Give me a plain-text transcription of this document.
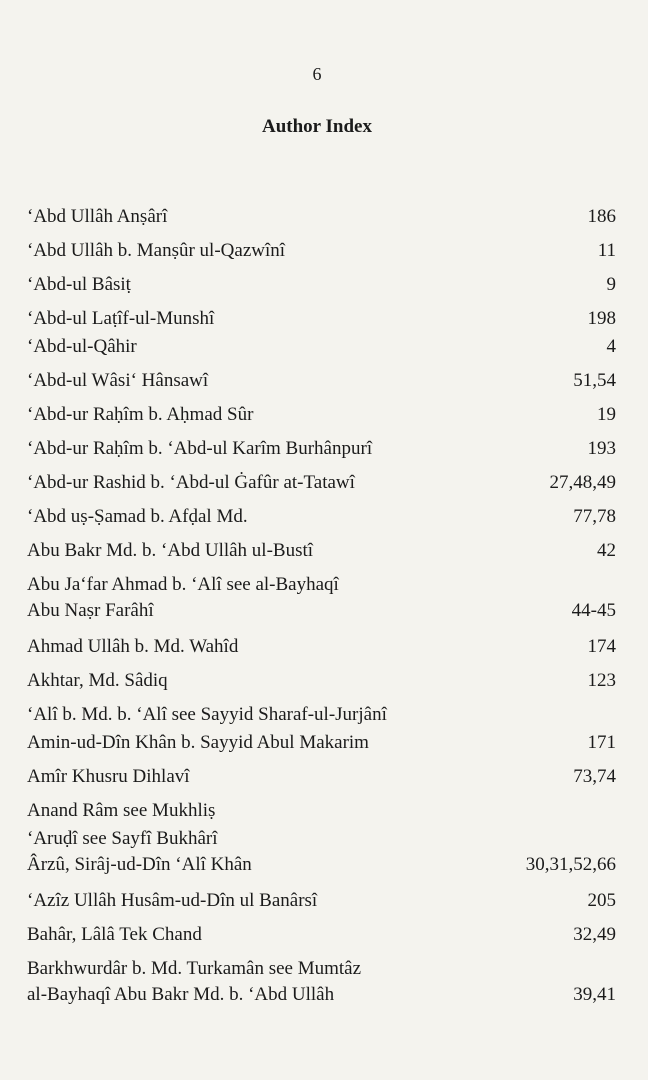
6
Author Index
‘Abd Ullâh Anṣârî	186
‘Abd Ullâh b. Manṣûr ul-Qazwînî	11
‘Abd-ul Bâsiṭ	9
‘Abd-ul Laṭîf-ul-Munshî	198
‘Abd-ul-Qâhir	4
‘Abd-ul Wâsi‘ Hânsawî	51,54
‘Abd-ur Raḥîm b. Aḥmad Sûr	19
‘Abd-ur Raḥîm b. ‘Abd-ul Karîm Burhânpurî	193
‘Abd-ur Rashid b. ‘Abd-ul Ġafûr at-Tatawî	27,48,49
‘Abd uṣ-Ṣamad b. Afḍal Md.	77,78
Abu Bakr Md. b. ‘Abd Ullâh ul-Bustî	42
Abu Ja‘far Ahmad b. ‘Alî see al-Bayhaqî
Abu Naṣr Farâhî	44-45
Ahmad Ullâh b. Md. Wahîd	174
Akhtar, Md. Sâdiq	123
‘Alî b. Md. b. ‘Alî see Sayyid Sharaf-ul-Jurjânî
Amin-ud-Dîn Khân b. Sayyid Abul Makarim	171
Amîr Khusru Dihlavî	73,74
Anand Râm see Mukhliṣ
‘Aruḍî see Sayfî Bukhârî
Ârzû, Sirâj-ud-Dîn ‘Alî Khân	30,31,52,66
‘Azîz Ullâh Husâm-ud-Dîn ul Banârsî	205
Bahâr, Lâlâ Tek Chand	32,49
Barkhwurdâr b. Md. Turkamân see Mumtâz
al-Bayhaqî Abu Bakr Md. b. ‘Abd Ullâh	39,41
